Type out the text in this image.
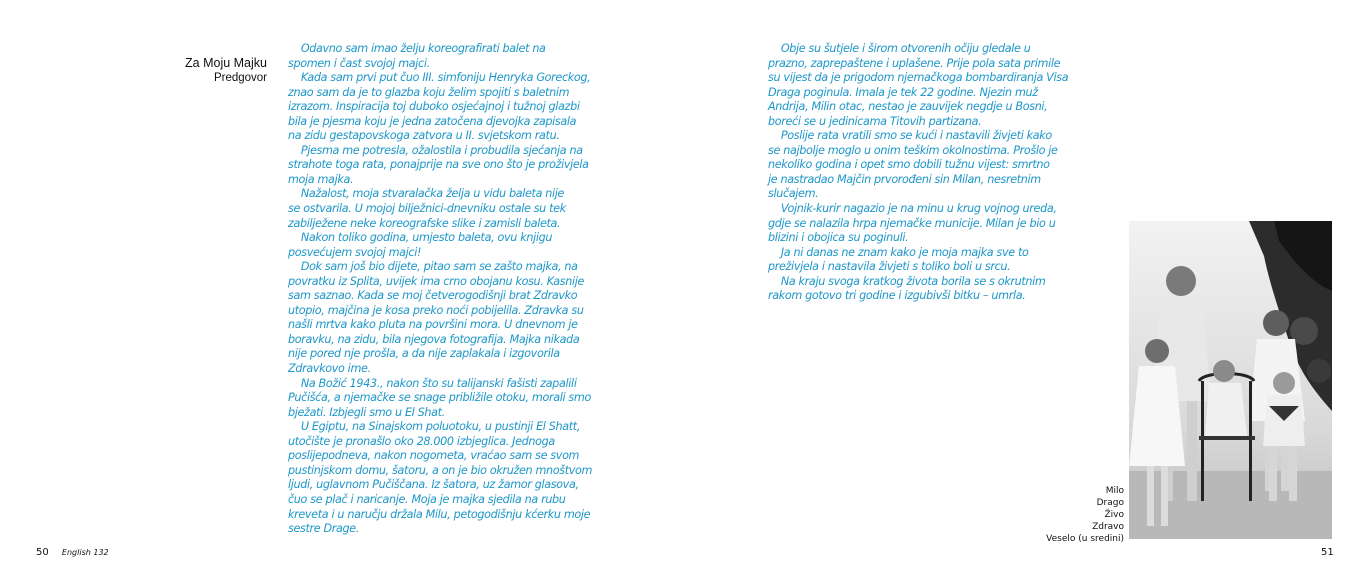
Za Moju Majku
Predgovor
Odavno sam imao želju koreografirati balet na
spomen i čast svojoj majci.
Kada sam prvi put čuo III. simfoniju Henryka Goreckog,
znao sam da je to glazba koju želim spojiti s baletnim
izrazom. Inspiracija toj duboko osjećajnoj i tužnoj glazbi
bila je pjesma koju je jedna zatočena djevojka zapisala
na zidu gestapovskoga zatvora u II. svjetskom ratu.
Pjesma me potresla, ožalostila i probudila sjećanja na
strahote toga rata, ponajprije na sve ono što je proživjela
moja majka.
Nažalost, moja stvaralačka želja u vidu baleta nije
se ostvarila. U mojoj bilježnici-dnevniku ostale su tek
zabilježene neke koreografske slike i zamisli baleta.
Nakon toliko godina, umjesto baleta, ovu knjigu
posvećujem svojoj majci!
Dok sam još bio dijete, pitao sam se zašto majka, na
povratku iz Splita, uvijek ima crno obojanu kosu. Kasnije
sam saznao. Kada se moj četverogodišnji brat Zdravko
utopio, majčina je kosa preko noći pobijelila. Zdravka su
našli mrtva kako pluta na površini mora. U dnevnom je
boravku, na zidu, bila njegova fotografija. Majka nikada
nije pored nje prošla, a da nije zaplakala i izgovorila
Zdravkovo ime.
Na Božić 1943., nakon što su talijanski fašisti zapalili
Pučišća, a njemačke se snage približile otoku, morali smo
bježati. Izbjegli smo u El Shat.
U Egiptu, na Sinajskom poluotoku, u pustinji El Shatt,
utočište je pronašlo oko 28.000 izbjeglica. Jednoga
poslijepodneva, nakon nogometa, vraćao sam se svom
pustinjskom domu, šatoru, a on je bio okružen mnoštvom
ljudi, uglavnom Pučiščana. Iz šatora, uz žamor glasova,
čuo se plač i naricanje. Moja je majka sjedila na rubu
kreveta i u naručju držala Milu, petogodišnju kćerku moje
sestre Drage.
Obje su šutjele i širom otvorenih očiju gledale u
prazno, zaprepaštene i uplašene. Prije pola sata primile
su vijest da je prigodom njemačkoga bombardiranja Visa
Draga poginula. Imala je tek 22 godine. Njezin muž
Andrija, Milin otac, nestao je zauvijek negdje u Bosni,
boreći se u jedinicama Titovih partizana.
Poslije rata vratili smo se kući i nastavili živjeti kako
se najbolje moglo u onim teškim okolnostima. Prošlo je
nekoliko godina i opet smo dobili tužnu vijest: smrtno
je nastradao Majčin prvorođeni sin Milan, nesretnim
slučajem.
Vojnik-kurir nagazio je na minu u krug vojnog ureda,
gdje se nalazila hrpa njemačke municije. Milan je bio u
blizini i obojica su poginuli.
Ja ni danas ne znam kako je moja majka sve to
preživjela i nastavila živjeti s toliko boli u srcu.
Na kraju svoga kratkog života borila se s okrutnim
rakom gotovo tri godine i izgubivši bitku – umrla.
Milo
Drago
Živo
Zdravo
Veselo (u sredini)
50 English 132	51
